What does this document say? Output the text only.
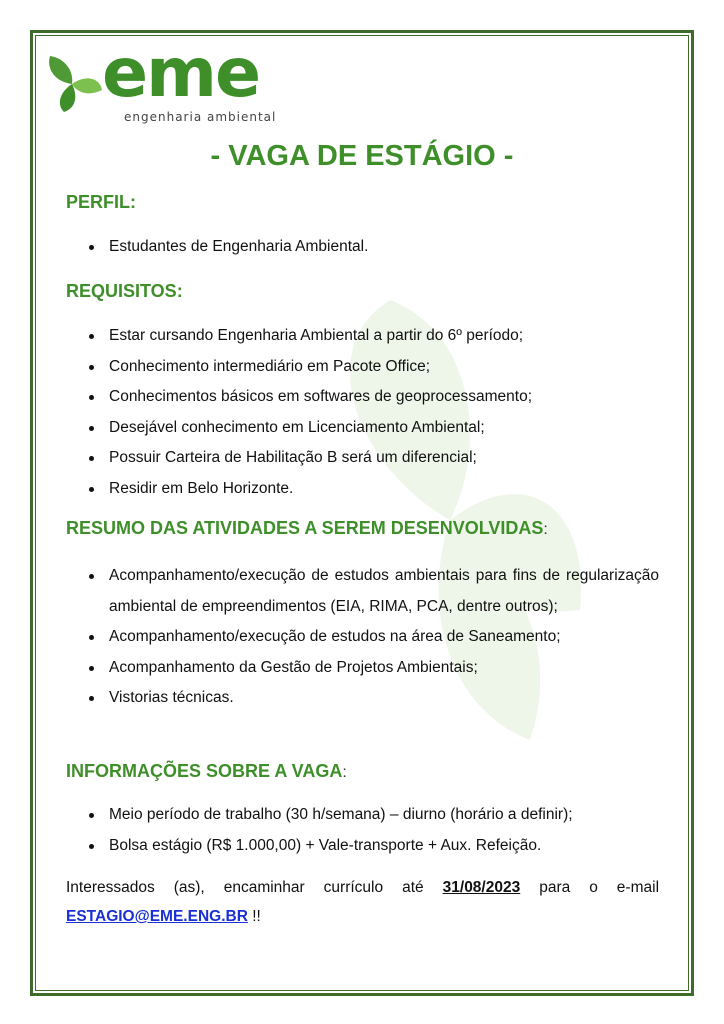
eme
engenharia ambiental
- VAGA DE ESTÁGIO -
PERFIL:
Estudantes de Engenharia Ambiental.
REQUISITOS:
Estar cursando Engenharia Ambiental a partir do 6º período;
Conhecimento intermediário em Pacote Office;
Conhecimentos básicos em softwares de geoprocessamento;
Desejável conhecimento em Licenciamento Ambiental;
Possuir Carteira de Habilitação B será um diferencial;
Residir em Belo Horizonte.
RESUMO DAS ATIVIDADES A SEREM DESENVOLVIDAS:
Acompanhamento/execução de estudos ambientais para fins de regularização ambiental de empreendimentos (EIA, RIMA, PCA, dentre outros);
Acompanhamento/execução de estudos na área de Saneamento;
Acompanhamento da Gestão de Projetos Ambientais;
Vistorias técnicas.
INFORMAÇÕES SOBRE A VAGA:
Meio período de trabalho (30 h/semana) – diurno (horário a definir);
Bolsa estágio (R$ 1.000,00) + Vale-transporte + Aux. Refeição.
Interessados (as), encaminhar currículo até 31/08/2023 para o e-mail ESTAGIO@EME.ENG.BR !!
